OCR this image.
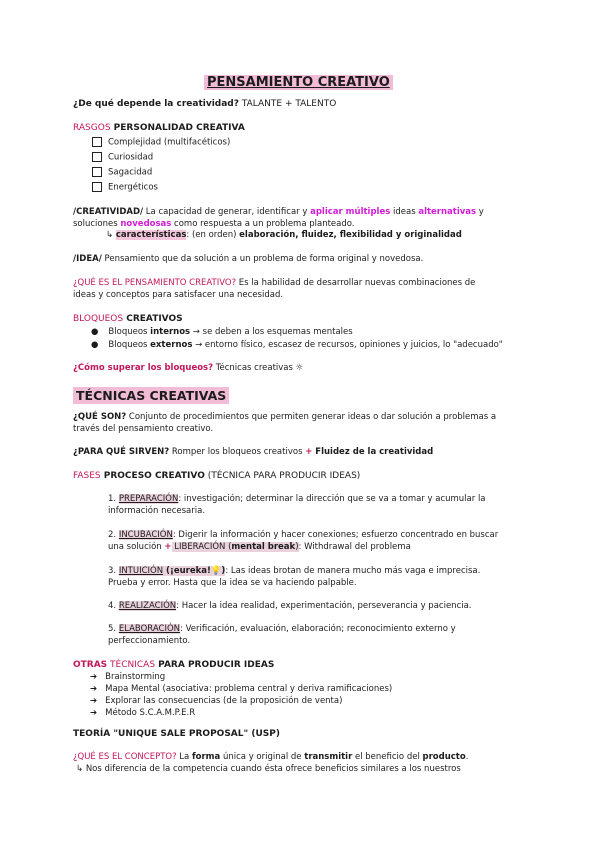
PENSAMIENTO CREATIVO
¿De qué depende la creatividad? TALANTE + TALENTO
RASGOS PERSONALIDAD CREATIVA
Complejidad (multifacéticos)
Curiosidad
Sagacidad
Energéticos
/CREATIVIDAD/ La capacidad de generar, identificar y aplicar múltiples ideas alternativas y
soluciones novedosas como respuesta a un problema planteado.
↳ características: (en orden) elaboración, fluidez, flexibilidad y originalidad
/IDEA/ Pensamiento que da solución a un problema de forma original y novedosa.
¿QUÉ ES EL PENSAMIENTO CREATIVO? Es la habilidad de desarrollar nuevas combinaciones de
ideas y conceptos para satisfacer una necesidad.
BLOQUEOS CREATIVOS
● Bloqueos internos → se deben a los esquemas mentales
● Bloqueos externos → entorno físico, escasez de recursos, opiniones y juicios, lo "adecuado"
¿Cómo superar los bloqueos? Técnicas creativas ☼
TÉCNICAS CREATIVAS
¿QUÉ SON? Conjunto de procedimientos que permiten generar ideas o dar solución a problemas a
través del pensamiento creativo.
¿PARA QUÉ SIRVEN? Romper los bloqueos creativos + Fluidez de la creatividad
FASES PROCESO CREATIVO (TÉCNICA PARA PRODUCIR IDEAS)
1. PREPARACIÓN: investigación; determinar la dirección que se va a tomar y acumular la
información necesaria.
2. INCUBACIÓN: Digerir la información y hacer conexiones; esfuerzo concentrado en buscar
una solución + LIBERACIÓN (mental break): Withdrawal del problema
3. INTUICIÓN (¡eureka!💡): Las ideas brotan de manera mucho más vaga e imprecisa.
Prueba y error. Hasta que la idea se va haciendo palpable.
4. REALIZACIÓN: Hacer la idea realidad, experimentación, perseverancia y paciencia.
5. ELABORACIÓN: Verificación, evaluación, elaboración; reconocimiento externo y
perfeccionamiento.
OTRAS TÉCNICAS PARA PRODUCIR IDEAS
➔ Brainstorming
➔ Mapa Mental (asociativa: problema central y deriva ramificaciones)
➔ Explorar las consecuencias (de la proposición de venta)
➔ Método S.C.A.M.P.E.R
TEORÍA "UNIQUE SALE PROPOSAL" (USP)
¿QUÉ ES EL CONCEPTO? La forma única y original de transmitir el beneficio del producto.
↳ Nos diferencia de la competencia cuando ésta ofrece beneficios similares a los nuestros
